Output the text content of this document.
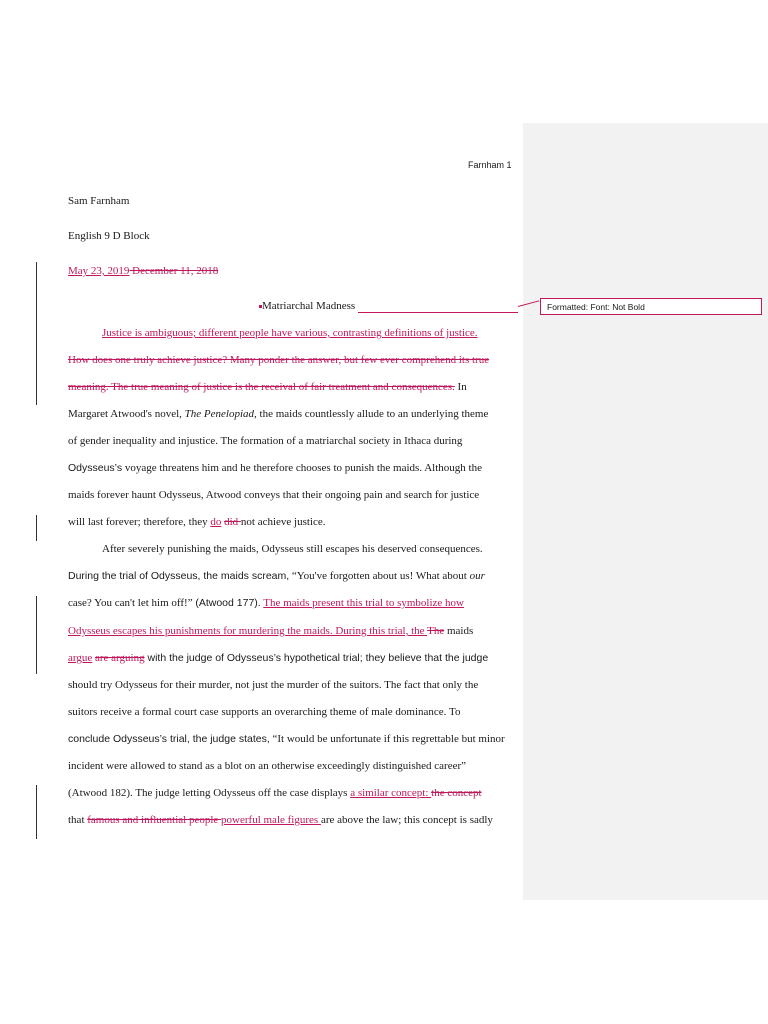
Farnham 1
Sam Farnham
English 9 D Block
May 23, 2019 December 11, 2018
Matriarchal Madness	Formatted: Font: Not Bold
Justice is ambiguous; different people have various, contrasting definitions of justice.
How does one truly achieve justice? Many ponder the answer, but few ever comprehend its true
meaning. The true meaning of justice is the receival of fair treatment and consequences. In
Margaret Atwood's novel, The Penelopiad, the maids countlessly allude to an underlying theme
of gender inequality and injustice. The formation of a matriarchal society in Ithaca during
Odysseus’s voyage threatens him and he therefore chooses to punish the maids. Although the
maids forever haunt Odysseus, Atwood conveys that their ongoing pain and search for justice
will last forever; therefore, they do did not achieve justice.
After severely punishing the maids, Odysseus still escapes his deserved consequences.
During the trial of Odysseus, the maids scream, “You've forgotten about us! What about our
case? You can't let him off!” (Atwood 177). The maids present this trial to symbolize how
Odysseus escapes his punishments for murdering the maids. During this trial, the The maids
argue are arguing with the judge of Odysseus’s hypothetical trial; they believe that the judge
should try Odysseus for their murder, not just the murder of the suitors. The fact that only the
suitors receive a formal court case supports an overarching theme of male dominance. To
conclude Odysseus’s trial, the judge states, “It would be unfortunate if this regrettable but minor
incident were allowed to stand as a blot on an otherwise exceedingly distinguished career”
(Atwood 182). The judge letting Odysseus off the case displays a similar concept: the concept
that famous and influential people powerful male figures are above the law; this concept is sadly
